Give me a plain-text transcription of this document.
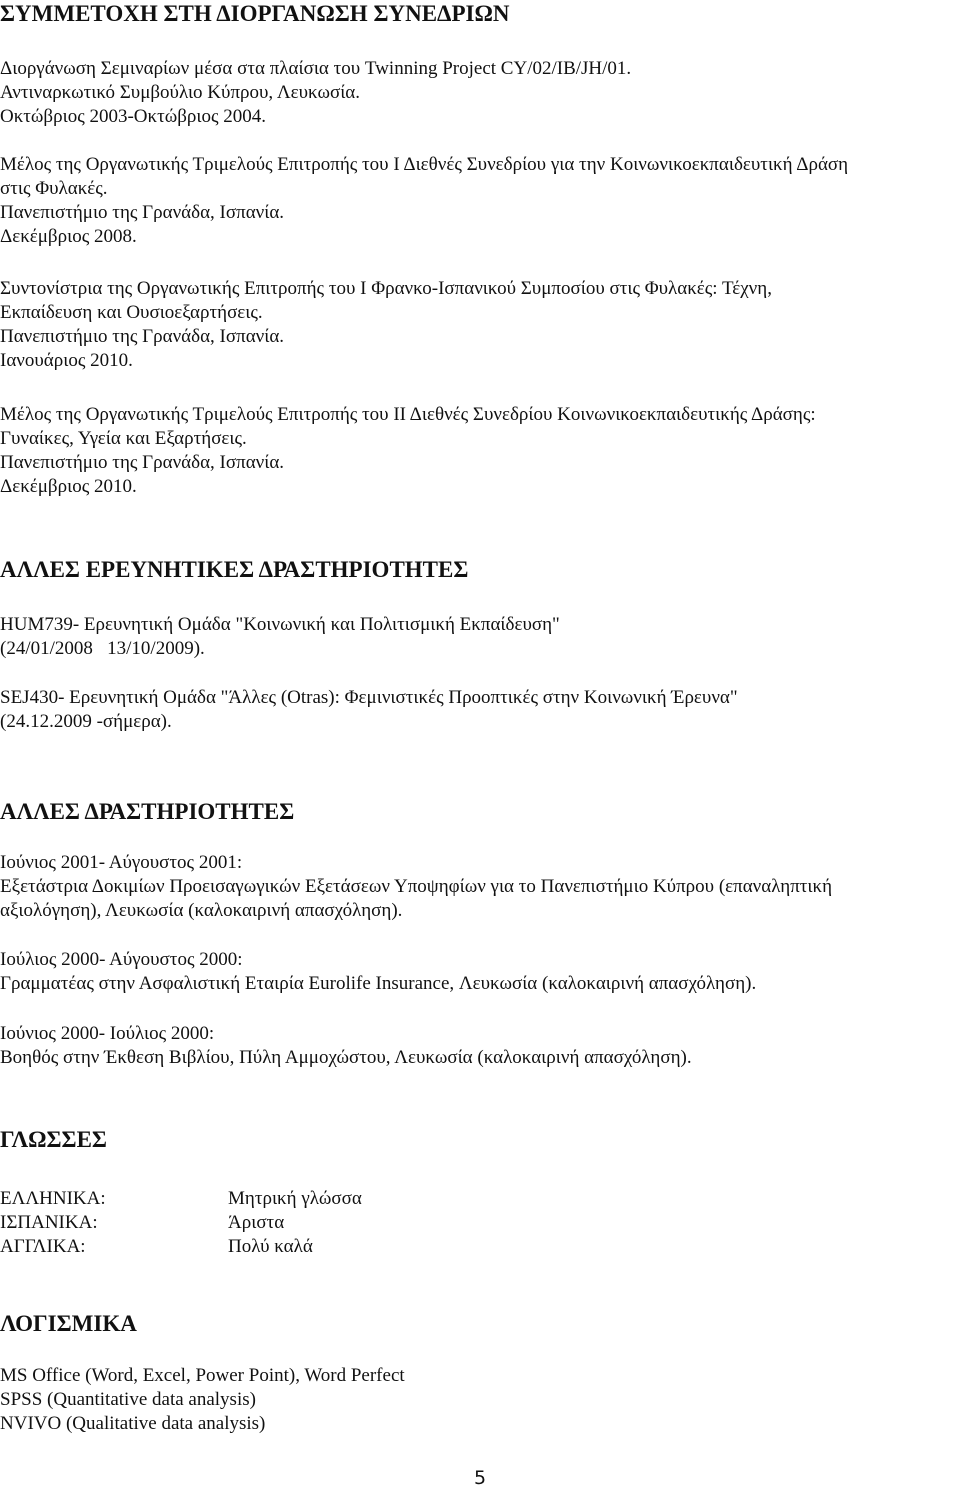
ΣΥΜΜΕΤΟΧΗ ΣΤΗ ΔΙΟΡΓΑΝΩΣΗ ΣΥΝΕΔΡΙΩΝ
Διοργάνωση Σεμιναρίων μέσα στα πλαίσια του Twinning Project CY/02/IB/JH/01.
Αντιναρκωτικό Συμβούλιο Κύπρου, Λευκωσία.
Οκτώβριος 2003-Οκτώβριος 2004.
Μέλος της Οργανωτικής Τριμελούς Επιτροπής του Ι Διεθνές Συνεδρίου για την Κοινωνικοεκπαιδευτική Δράση
στις Φυλακές.
Πανεπιστήμιο της Γρανάδα, Ισπανία.
Δεκέμβριος 2008.
Συντονίστρια της Οργανωτικής Επιτροπής του Ι Φρανκο-Ισπανικού Συμποσίου στις Φυλακές: Τέχνη,
Εκπαίδευση και Ουσιοεξαρτήσεις.
Πανεπιστήμιο της Γρανάδα, Ισπανία.
Ιανουάριος 2010.
Μέλος της Οργανωτικής Τριμελούς Επιτροπής του ΙΙ Διεθνές Συνεδρίου Κοινωνικοεκπαιδευτικής Δράσης:
Γυναίκες, Υγεία και Εξαρτήσεις.
Πανεπιστήμιο της Γρανάδα, Ισπανία.
Δεκέμβριος 2010.
ΑΛΛΕΣ ΕΡΕΥΝΗΤΙΚΕΣ ΔΡΑΣΤΗΡΙΟΤΗΤΕΣ
HUM739- Ερευνητική Ομάδα "Κοινωνική και Πολιτισμική Εκπαίδευση"
(24/01/2008   13/10/2009).
SEJ430- Ερευνητική Ομάδα "Άλλες (Otras): Φεμινιστικές Προοπτικές στην Κοινωνική Έρευνα"
(24.12.2009 -σήμερα).
ΑΛΛΕΣ ΔΡΑΣΤΗΡΙΟΤΗΤΕΣ
Ιούνιος 2001- Αύγουστος 2001:
Εξετάστρια Δοκιμίων Προεισαγωγικών Εξετάσεων Υποψηφίων για το Πανεπιστήμιο Κύπρου (επαναληπτική
αξιολόγηση), Λευκωσία (καλοκαιρινή απασχόληση).
Ιούλιος 2000- Αύγουστος 2000:
Γραμματέας στην Ασφαλιστική Εταιρία Eurolife Insurance, Λευκωσία (καλοκαιρινή απασχόληση).
Ιούνιος 2000- Ιούλιος 2000:
Βοηθός στην Έκθεση Βιβλίου, Πύλη Αμμοχώστου, Λευκωσία (καλοκαιρινή απασχόληση).
ΓΛΩΣΣΕΣ
ΕΛΛΗΝΙΚΑ:	Μητρική γλώσσα
ΙΣΠΑΝΙΚΑ:	Άριστα
ΑΓΓΛΙΚΑ:	Πολύ καλά
ΛΟΓΙΣΜΙΚΑ
MS Office (Word, Excel, Power Point), Word Perfect
SPSS (Quantitative data analysis)
NVIVO (Qualitative data analysis)
5
